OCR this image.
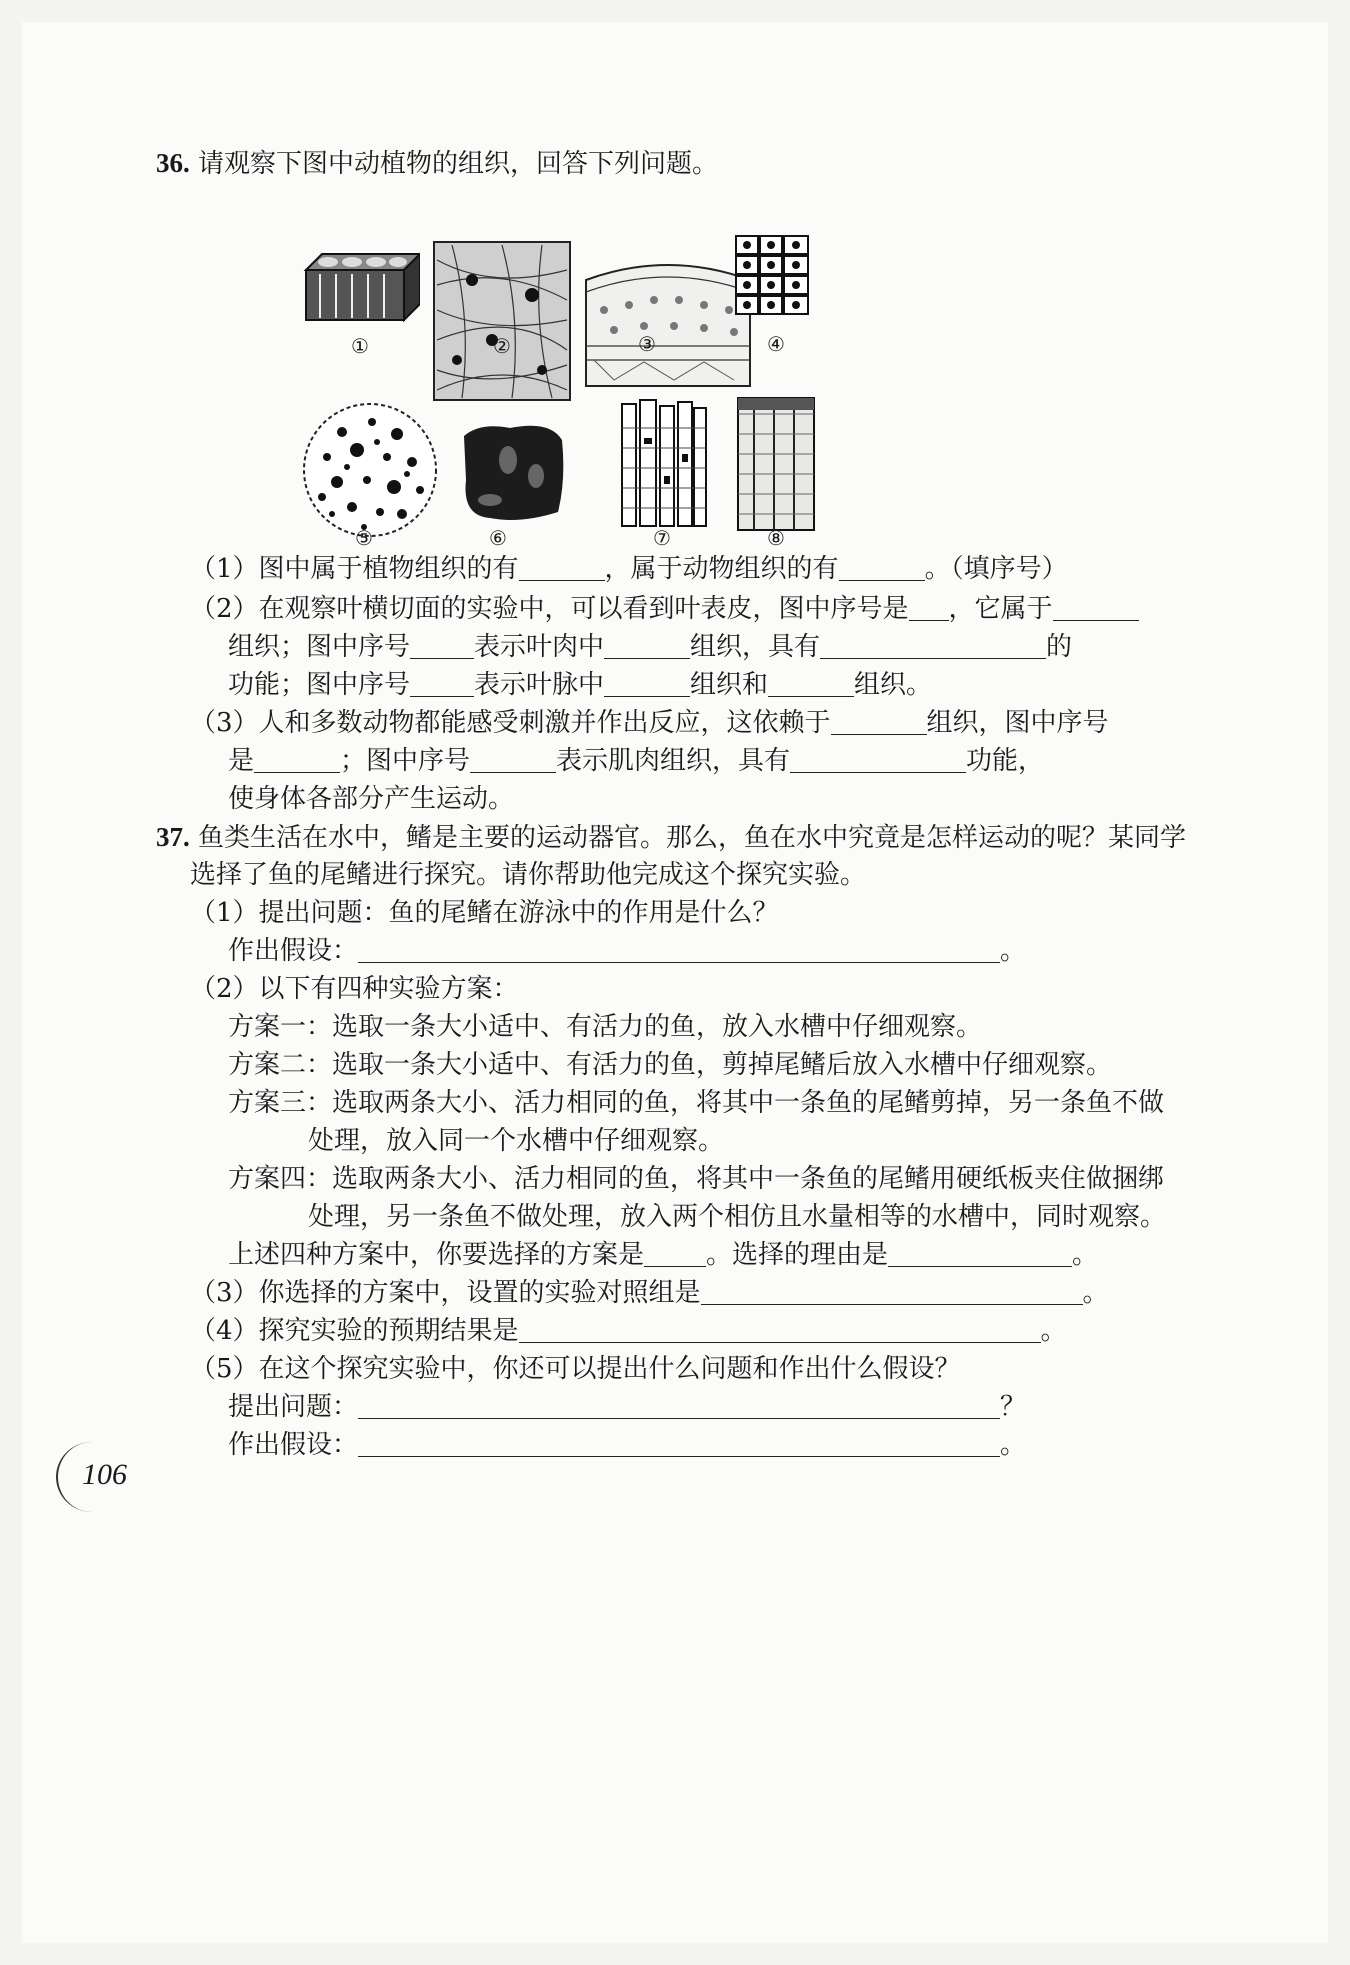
36. 请观察下图中动植物的组织，回答下列问题。
①	②	③	④
⑤	⑥	⑦	⑧
（1）图中属于植物组织的有	，属于动物组织的有	。（填序号）
（2）在观察叶横切面的实验中，可以看到叶表皮，图中序号是 ，它属于
组织；图中序号 表示叶肉中	组织，具有	的
功能；图中序号 表示叶脉中	组织和	组织。
（3）人和多数动物都能感受刺激并作出反应，这依赖于	组织，图中序号
是	；图中序号	表示肌肉组织，具有	功能，
使身体各部分产生运动。
37. 鱼类生活在水中，鳍是主要的运动器官。那么，鱼在水中究竟是怎样运动的呢？某同学
选择了鱼的尾鳍进行探究。请你帮助他完成这个探究实验。
（1）提出问题：鱼的尾鳍在游泳中的作用是什么？
作出假设：	。
（2）以下有四种实验方案：
方案一：选取一条大小适中、有活力的鱼，放入水槽中仔细观察。
方案二：选取一条大小适中、有活力的鱼，剪掉尾鳍后放入水槽中仔细观察。
方案三：选取两条大小、活力相同的鱼，将其中一条鱼的尾鳍剪掉，另一条鱼不做
处理，放入同一个水槽中仔细观察。
方案四：选取两条大小、活力相同的鱼，将其中一条鱼的尾鳍用硬纸板夹住做捆绑
处理，另一条鱼不做处理，放入两个相仿且水量相等的水槽中，同时观察。
上述四种方案中，你要选择的方案是 。选择的理由是	。
（3）你选择的方案中，设置的实验对照组是	。
（4）探究实验的预期结果是	。
（5）在这个探究实验中，你还可以提出什么问题和作出什么假设？
提出问题：	？
作出假设：	。
106
